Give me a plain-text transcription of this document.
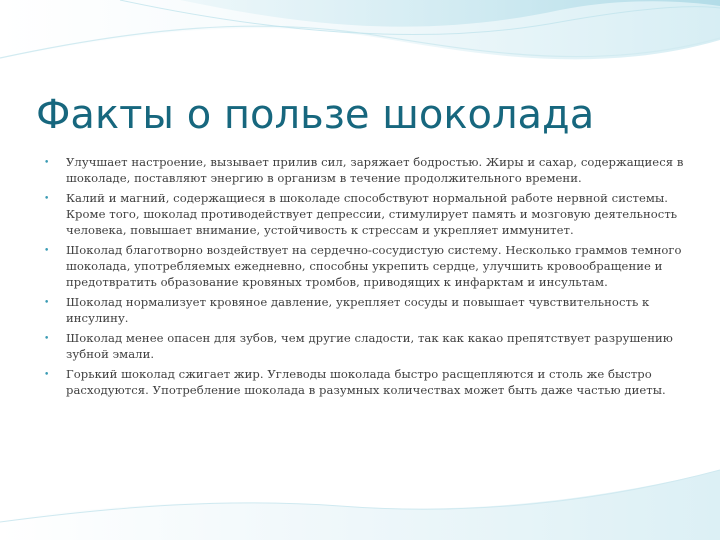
Факты о пользе шоколада
• Улучшает настроение, вызывает прилив сил, заряжает бодростью. Жиры и сахар, содержащиеся в шоколаде, поставляют энергию в организм в течение продолжительного времени.
• Калий и магний, содержащиеся в шоколаде способствуют нормальной работе нервной системы. Кроме того, шоколад противодействует депрессии, стимулирует память и мозговую деятельность человека, повышает внимание, устойчивость к стрессам и укрепляет иммунитет.
• Шоколад благотворно воздействует на сердечно-сосудистую систему. Несколько граммов темного шоколада, употребляемых ежедневно, способны укрепить сердце, улучшить кровообращение и предотвратить образование кровяных тромбов, приводящих к инфарктам и инсультам.
• Шоколад нормализует кровяное давление, укрепляет сосуды и повышает чувствительность к инсулину.
• Шоколад менее опасен для зубов, чем другие сладости, так как какао препятствует разрушению зубной эмали.
• Горький шоколад сжигает жир. Углеводы шоколада быстро расщепляются и столь же быстро расходуются. Употребление шоколада в разумных количествах может быть даже частью диеты.
